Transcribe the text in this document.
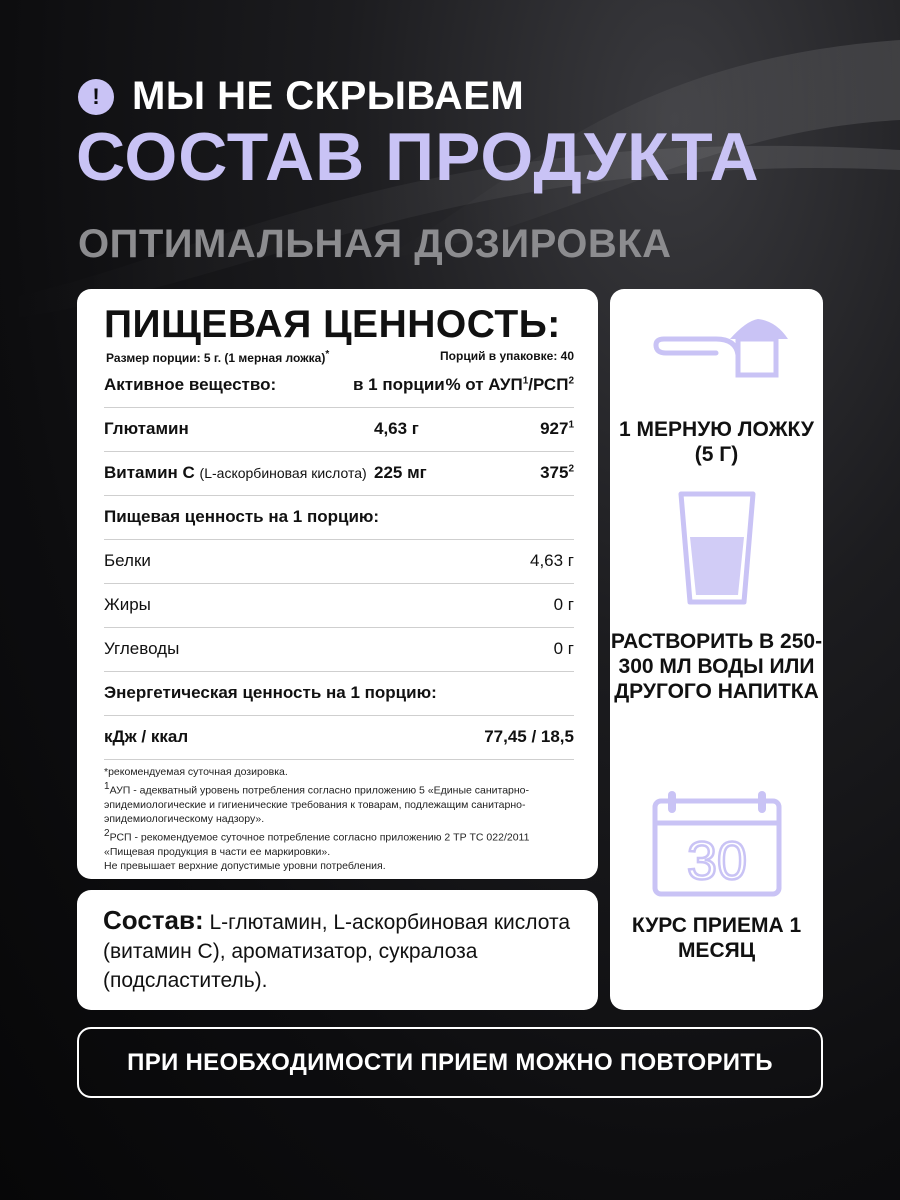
! МЫ НЕ СКРЫВАЕМ
СОСТАВ ПРОДУКТА
ОПТИМАЛЬНАЯ ДОЗИРОВКА
ПИЩЕВАЯ ЦЕННОСТЬ:
Размер порции: 5 г. (1 мерная ложка)*	Порций в упаковке: 40
Активное вещество:	в 1 порции % от АУП$^1$/РСП$^2$
Глютамин	4,63 г	$927^1$
Витамин С (L-аскорбиновая кислота) 225 мг	$375^2$
Пищевая ценность на 1 порцию:
Белки	4,63 г
Жиры	0 г
Углеводы	0 г
Энергетическая ценность на 1 порцию:
кДж / ккал	77,45 / 18,5

*рекомендуемая суточная дозировка.

$^1$АУП - адекватный уровень потребления согласно приложению 5 «Единые санитарно-эпидемиологические и гигиенические требования к товарам, подлежащим санитарно-эпидемиологическому надзору».

$^2$РСП - рекомендуемое суточное потребление согласно приложению 2 ТР ТС 022/2011 «Пищевая продукция в части ее маркировки».

Не превышает верхние допустимые уровни потребления.

Состав: L-глютамин, L-аскорбиновая кислота (витамин С), ароматизатор, сукралоза (подсластитель).
1 МЕРНУЮ ЛОЖКУ (5 Г)
РАСТВОРИТЬ В 250-300 МЛ ВОДЫ ИЛИ ДРУГОГО НАПИТКА
30
КУРС ПРИЕМА 1 МЕСЯЦ
ПРИ НЕОБХОДИМОСТИ ПРИЕМ МОЖНО ПОВТОРИТЬ
